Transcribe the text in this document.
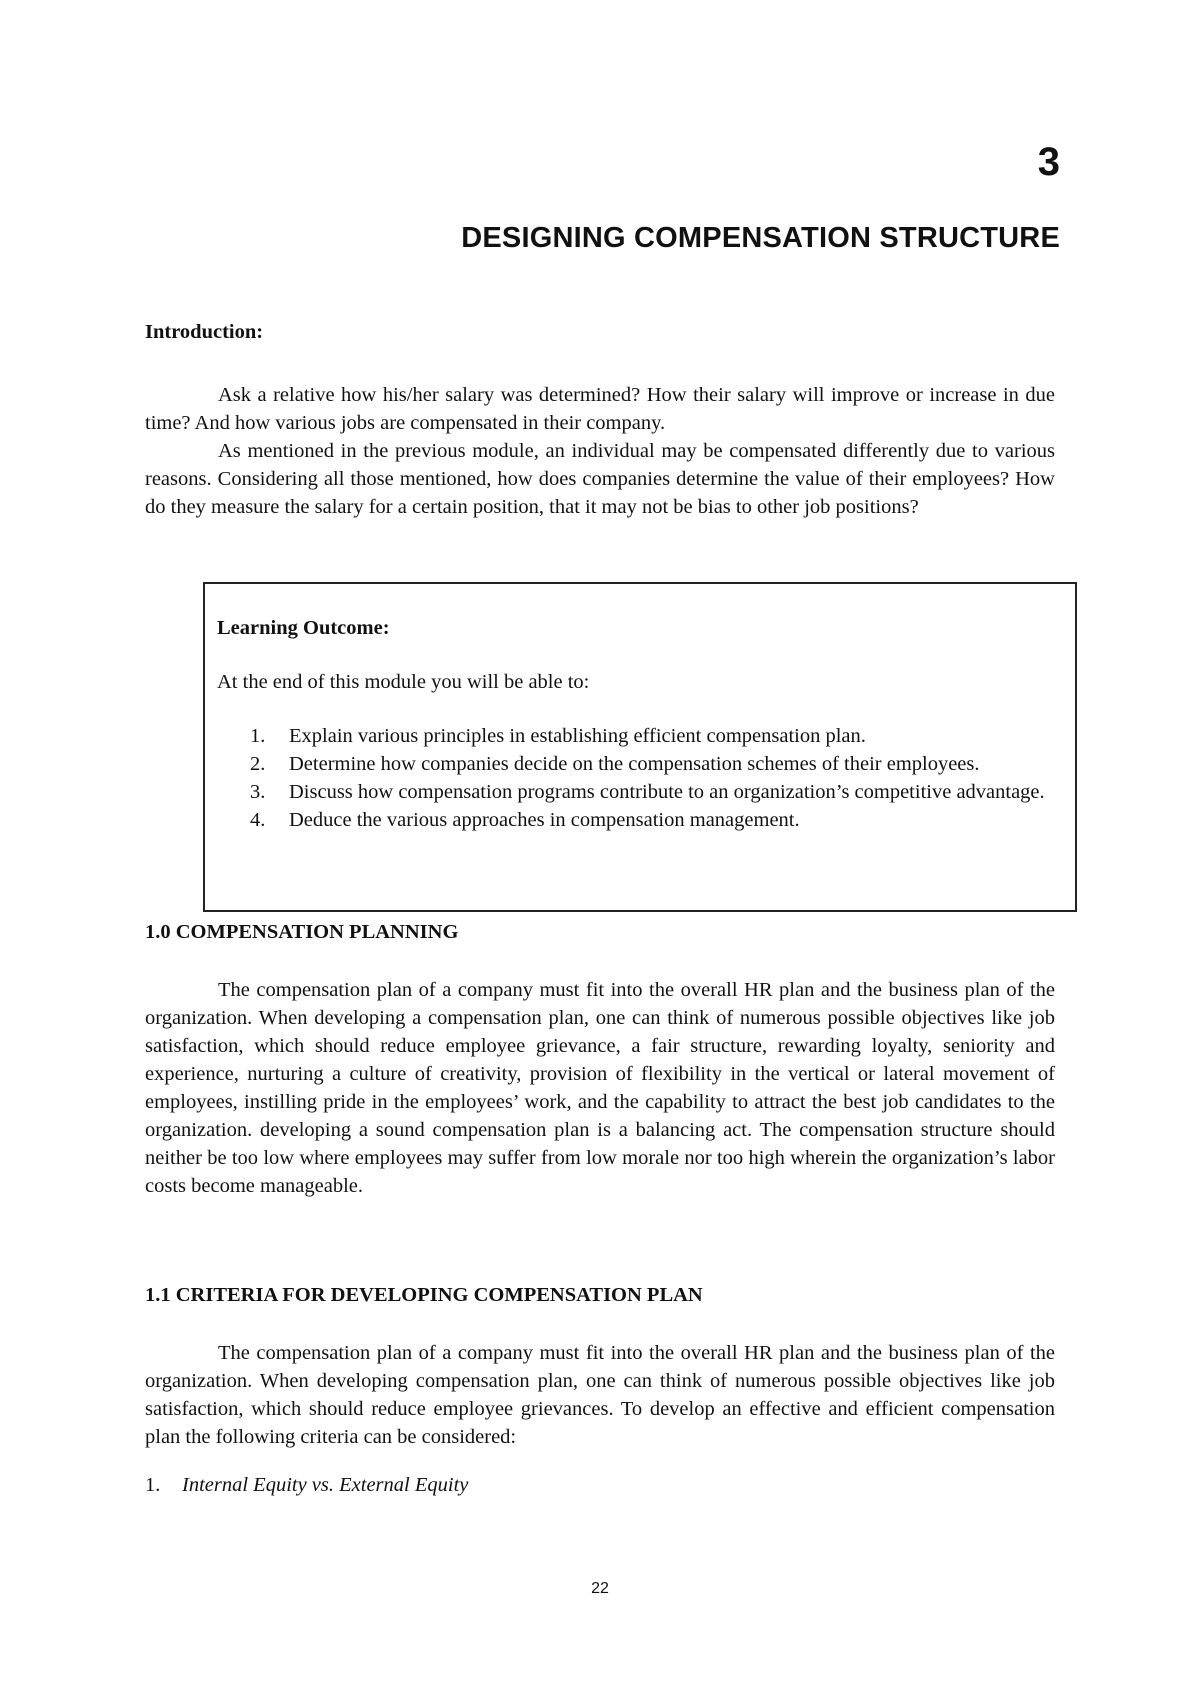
3
DESIGNING COMPENSATION STRUCTURE

Introduction:

Ask a relative how his/her salary was determined? How their salary will improve or increase in due time? And how various jobs are compensated in their company.

As mentioned in the previous module, an individual may be compensated differently due to various reasons. Considering all those mentioned, how does companies determine the value of their employees? How do they measure the salary for a certain position, that it may not be bias to other job positions?

Learning Outcome:

At the end of this module you will be able to:

1. Explain various principles in establishing efficient compensation plan.
2. Determine how companies decide on the compensation schemes of their employees.
3. Discuss how compensation programs contribute to an organization’s competitive advantage.
4. Deduce the various approaches in compensation management.

1.0 COMPENSATION PLANNING

The compensation plan of a company must fit into the overall HR plan and the business plan of the organization. When developing a compensation plan, one can think of numerous possible objectives like job satisfaction, which should reduce employee grievance, a fair structure, rewarding loyalty, seniority and experience, nurturing a culture of creativity, provision of flexibility in the vertical or lateral movement of employees, instilling pride in the employees’ work, and the capability to attract the best job candidates to the organization. developing a sound compensation plan is a balancing act. The compensation structure should neither be too low where employees may suffer from low morale nor too high wherein the organization’s labor costs become manageable.

1.1 CRITERIA FOR DEVELOPING COMPENSATION PLAN

The compensation plan of a company must fit into the overall HR plan and the business plan of the organization. When developing compensation plan, one can think of numerous possible objectives like job satisfaction, which should reduce employee grievances. To develop an effective and efficient compensation plan the following criteria can be considered:

1. Internal Equity vs. External Equity
22
